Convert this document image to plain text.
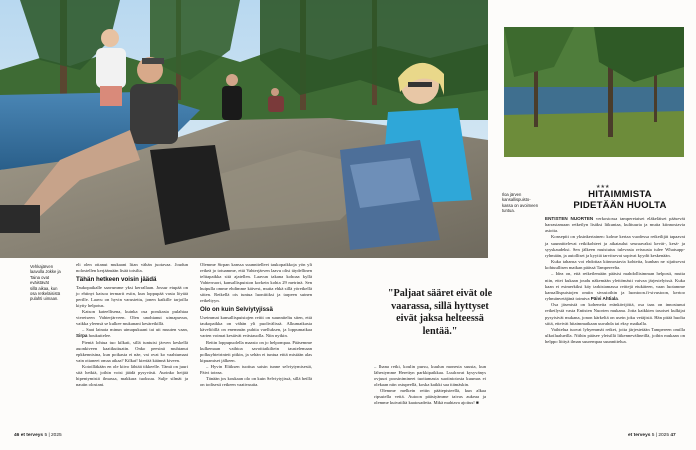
Vehkajärven
laavulla Jokke ja
Taina ovat
eväistävät
sillä aikaa, kun
osa retkeläisistä
pulahti uimaan.

eli olen ottanut mukaani liian vähän juotavaa. Joudun nolostellen kerjäämään lisää toisilta.

Tähän hetkeen voisin jäädä

Taukopaikalle saavumme yksi kerrallaan. Jossur etupää on jo ehtinyt katsoa termarit esiin, kun loppupää vasta löytää perille. Laavu on hyvin varustettu, jonen kaikille tarjoilla kiytty helpotus.

Katson kateellisena, kuinka osa porukasta pulahtaa viereiseen Vahterjärveen. Olen unohtanut uimapuvun, vaikka yleensä se kulkee mukanani kesäretkillä.

– Saat lainata minun uimapukuani tai uit muuten vaan, Sirpa houkuttelee.

Pientä lohtua tuo kilkati, sillä tuntuisi järven keskellä auonkiveen kaatikuttuatin. Onko peesinä muhtanut epkkennisina, kun poikasta ei näe, vai ovat ko vaahtumaat vain ottaneet omaa aikaa? Kilkat! kiertää käännä kiveen.

Kotoilläkään en ole kiivo lähtää tikkeelle. Tämä on juuri sitä hetkiä, joihin voisi jäädä pysyvästi. Aurinko heijää hipentymistä ilmassa, makkara tuoksuu. Sulje silmät ja nautin olostani.

Olemme Sirpan kanssa suunnitelleet taukopaikkoja yön yli retkeä jo totuamme, että Vahterjärven laavu olisi täydellinen telttapaikka sitä ajatellen. Laavun takana kohoaa kyllä Vahterruori, kansallispuiston korkein kohta 29 metrinä. Sen huipulla omme ehdimme käivest, mutta ehkä sillä yöretkellä sitten. Retkellä ois tuntua luoniitiksi ja tarpeen sutnen retkeltyyn.

Olo on kuin Selviytyjissä

Useimmat kansallispuistojen reitit on suunniteltu siten, että taukopaikka on vähän yli puolivälissä. Alkumatkasta käveliöillä on enemmän puhtia vaelluksen, ja loppumatkaa varten voimat kestävät evästauolla. Niin nytkin.

Reitin loppupuolella maasto on jo helpompaa. Pääsemme kulkemaan vaihtoa savoittaikiltein taustelemaan polkuyhteirinteit pitkin, ja sehän ei tuntua etttä mistään alas kipuamiset jälkeen.

– Hyvin Eliiksen tuottua saisin tunne selviytymisestä, Päivi toteaa.

Tänään jos koukaan olo on kuin Selviytyjissä, sillä heillä on todisesti retkeen vaativuutta.

"Paljaat sääret eivät ole vaarassa, sillä hyttyset eivät jaksa helteessä lentää."

– Ihana retki, koulin pursu, kuulun monesta suusta, kun lähestymme Herettyn parkkipaikkaa. Luulravat kysyvänys ovjuuri poosinimineet tuottamasta suotiniotosta kuumas ei olekaan niin ostupeellä, koska kaikki saa itämäskin.

Olemme melkein reitin päätepisteellä, kun alkaa ripsutella vettä. Autoon päästyämme taivas aukeaa ja olemme kuivatiltä kaatosadetta. Mikä mahtava ajoitus! ■

Iloa järven
kansallispuisto-
kassa on avoimeen
tuntua.
★★★
HITAIMMISTA
PIDETÄÄN HUOLTA

ENTISTEN NUORTEN verkostossa tampereiaiset eläkeläiset pääsevät harrastamaan retkeilyn lisäksi liikuntaa, kulttuuria ja mutta kiinnostavia asioita.

Konseptit on yksinkertainen: kolme kertaa vuodessa retkeilijät tapaavat ja suunnittelevat retkikohteet ja aikataulut seuraavaksi kevät-, kesä- ja syyskaudeksi. Sen jälkeen muistutus tulevasta reissusta tulee Whatsapp-ryhmään, ja autolliset ja kyytiä tarvitsevat sopivat kyydit keskenään.

Kuka tahansa voi ehdottaa kiinnostavia kohteita, kunhan ne sijaitsevat kohtuullisen matkan päässä Tampereelta.

– Idea on, että retkeilemään pääsisi mahdollisimman helposti, mutta niin, ettei kukaan joudu näkemään ylettömästi vaivaa järjestelyissä. Kuka kaan ei esimerkiksi käy tarkistamassa reittejä etukäteen, vaan luotamme kansallispuistojen omiin sivustoihin ja luontoon.fi-sivustoon, kertoo ryhmänvetäjänä toimiva Päivi Ahtiala.

Osa jäsenistä on koheneita eränkävijöitä, osa taas on innostunut retkeilystä vasta Entisten Nuorten mukana. Jotta kaikkien tasoiset kulkijat pysyisivät mukana, jonon kärkeltä on usein joku vetäjistä. Hän pitää huolta siitä, etteivät hitaimmatkaan uuvahda tai eksy matkalla.

Vaihtelua tuovat lyhyemmät retket, joita järjestetään Tampereen omilla ulkoilualueilla. Niihin pääsee yleisillä liikennevälineillä, joihin mukaan on helppo liittyä ilman suurempaa suunnittelua.

46 et terveys 5 | 2025	et terveys 5 | 2025 47
